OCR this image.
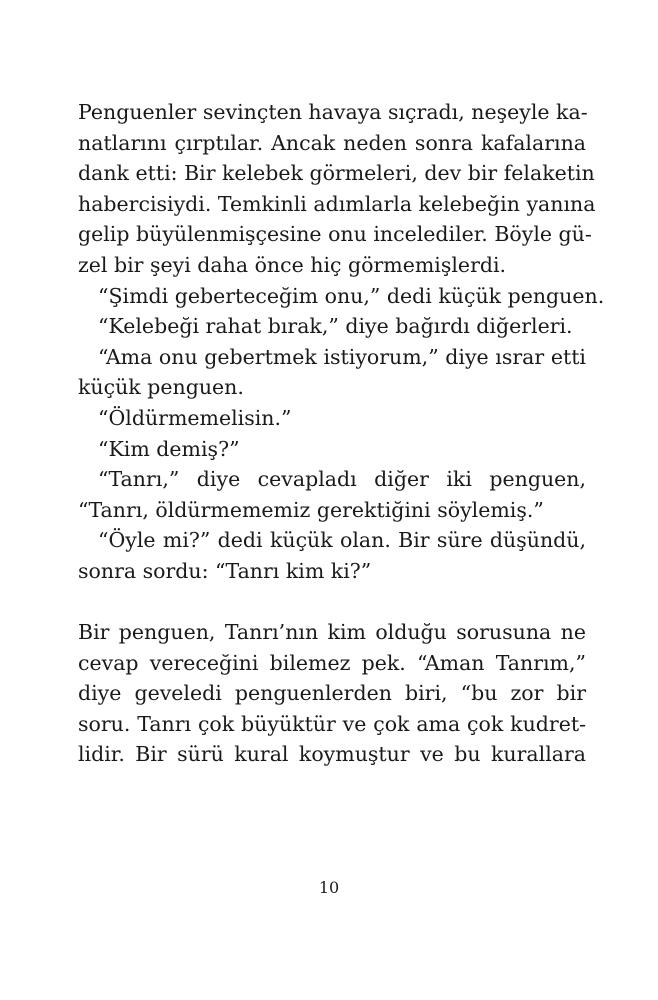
Penguenler sevinçten havaya sıçradı, neşeyle ka-
natlarını çırptılar. Ancak neden sonra kafalarına
dank etti: Bir kelebek görmeleri, dev bir felaketin
habercisiydi. Temkinli adımlarla kelebeğin yanına
gelip büyülenmişçesine onu incelediler. Böyle gü-
zel bir şeyi daha önce hiç görmemişlerdi.
“Şimdi geberteceğim onu,” dedi küçük penguen.
“Kelebeği rahat bırak,” diye bağırdı diğerleri.
“Ama onu gebertmek istiyorum,” diye ısrar etti
küçük penguen.
“Öldürmemelisin.”
“Kim demiş?”
“Tanrı,” diye cevapladı diğer iki penguen,
“Tanrı, öldürmememiz gerektiğini söylemiş.”
“Öyle mi?” dedi küçük olan. Bir süre düşündü,
sonra sordu: “Tanrı kim ki?”
Bir penguen, Tanrı’nın kim olduğu sorusuna ne
cevap vereceğini bilemez pek. “Aman Tanrım,”
diye geveledi penguenlerden biri, “bu zor bir
soru. Tanrı çok büyüktür ve çok ama çok kudret-
lidir. Bir sürü kural koymuştur ve bu kurallara
10
